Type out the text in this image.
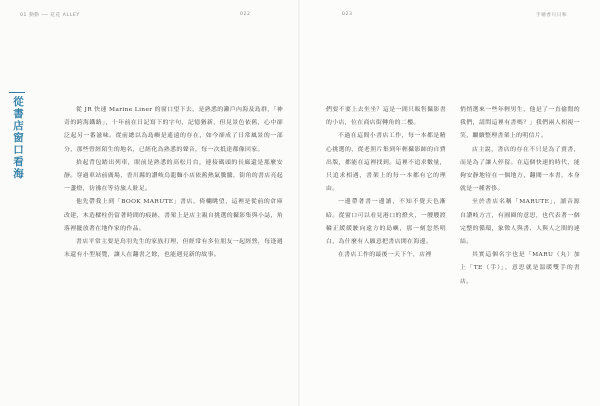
01 動動 ── 花花 ALLEY	022
從書店窗口看海	從 JR 快速 Marine Liner 的窗口望下去，是熟悉的瀨戶內海及島群，「神奇的跨海鐵路」，十年前在日記寫下的字句，記憶猶新，但見景色依舊，心中卻泛起另一番滋味。從前總以為島嶼是遙遠的存在，如今卻成了日常風景的一部分，那些曾經陌生的地名，已經化為熟悉的聲音，每一次抵達都像回家。

拾起背包踏出列車，眼前是熟悉的高松月台，連接碼頭的長廊還是那麼安靜。穿過車站前廣場，香川縣的讚岐烏龍麵小店依舊熱氣騰騰，街角的書店亮起一盞燈，彷彿在等待旅人駐足。

他先帶我上到「BOOK MARUTE」書店，倚欄眺望，這裡是從前的倉庫改建，木造樑柱仍留著時間的痕跡，書架上是店主親自挑選的攝影集與小誌，角落裡擺放著在地作家的作品。

書店平常主要是鳥羽先生的家族打理，但經常有多位朋友一起經營，每逢週末還有小型展覽，讓人在翻書之餘，也能遇見新的故事。

023	手繪香川日和

們要不要上去坐坐？這是一間只販售攝影書的小店，位在商店街轉角的二樓。

不過在這間小書店工作，每一本都是精心挑選的，從老照片集到年輕攝影師的自費出版，都能在這裡找到。這裡不追求數量，只追求相遇，書架上的每一本都有它的理由。

一邊帶著書一邊讀，不知不覺天色漸暗。從窗口可以看見港口的燈火，一艘艘渡輪正緩緩駛向遠方的島嶼，那一刻忽然明白，為什麼有人願意把書店開在海邊。

在書店工作的最後一天下午，店裡

悄悄選來一些年輕男生，他是了一直偷閒的我們，請問這裡有書嗎？」我們兩人相視一笑，繼續整理書架上的明信片。

店主說，書店的存在不只是為了賣書，而是為了讓人停留。在這個快速的時代，能夠安靜地待在一個地方，翻閱一本書，本身就是一種奢侈。

至於書店名稱「MARUTE」，讀音源自讚岐方言，有圓圈的意思，也代表著一個完整的循環，象徵人與書、人與人之間的連結。

其實這個名字也是「MARU（丸）加上「TE（手）」，意思就是溫暖雙手的書店。
